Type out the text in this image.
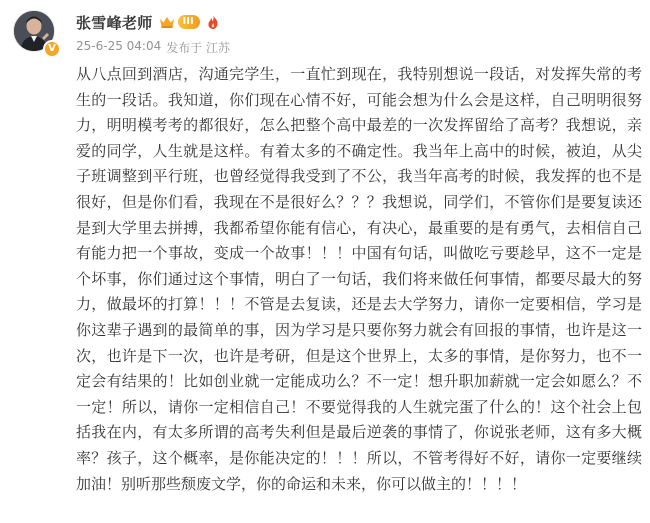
V
张雪峰老师	III
25-6-25 04:04 发布于 江苏

从八点回到酒店，沟通完学生，一直忙到现在，我特别想说一段话，对发挥失常的考生的一段话。我知道，你们现在心情不好，可能会想为什么会是这样，自己明明很努力，明明模考考的都很好，怎么把整个高中最差的一次发挥留给了高考？我想说，亲爱的同学，人生就是这样。有着太多的不确定性。我当年上高中的时候，被迫，从尖子班调整到平行班，也曾经觉得我受到了不公，我当年高考的时候，我发挥的也不是很好，但是你们看，我现在不是很好么？？？我想说，同学们，不管你们是要复读还是到大学里去拼搏，我都希望你能有信心，有决心，最重要的是有勇气，去相信自己有能力把一个事故，变成一个故事！！！中国有句话，叫做吃亏要趁早，这不一定是个坏事，你们通过这个事情，明白了一句话，我们将来做任何事情，都要尽最大的努力，做最坏的打算！！！不管是去复读，还是去大学努力，请你一定要相信，学习是你这辈子遇到的最简单的事，因为学习是只要你努力就会有回报的事情，也许是这一次，也许是下一次，也许是考研，但是这个世界上，太多的事情，是你努力，也不一定会有结果的！比如创业就一定能成功么？不一定！想升职加薪就一定会如愿么？不一定！所以，请你一定相信自己！不要觉得我的人生就完蛋了什么的！这个社会上包括我在内，有太多所谓的高考失利但是最后逆袭的事情了，你说张老师，这有多大概率？孩子，这个概率，是你能决定的！！！所以，不管考得好不好，请你一定要继续加油！别听那些颓废文学，你的命运和未来，你可以做主的！！！！
